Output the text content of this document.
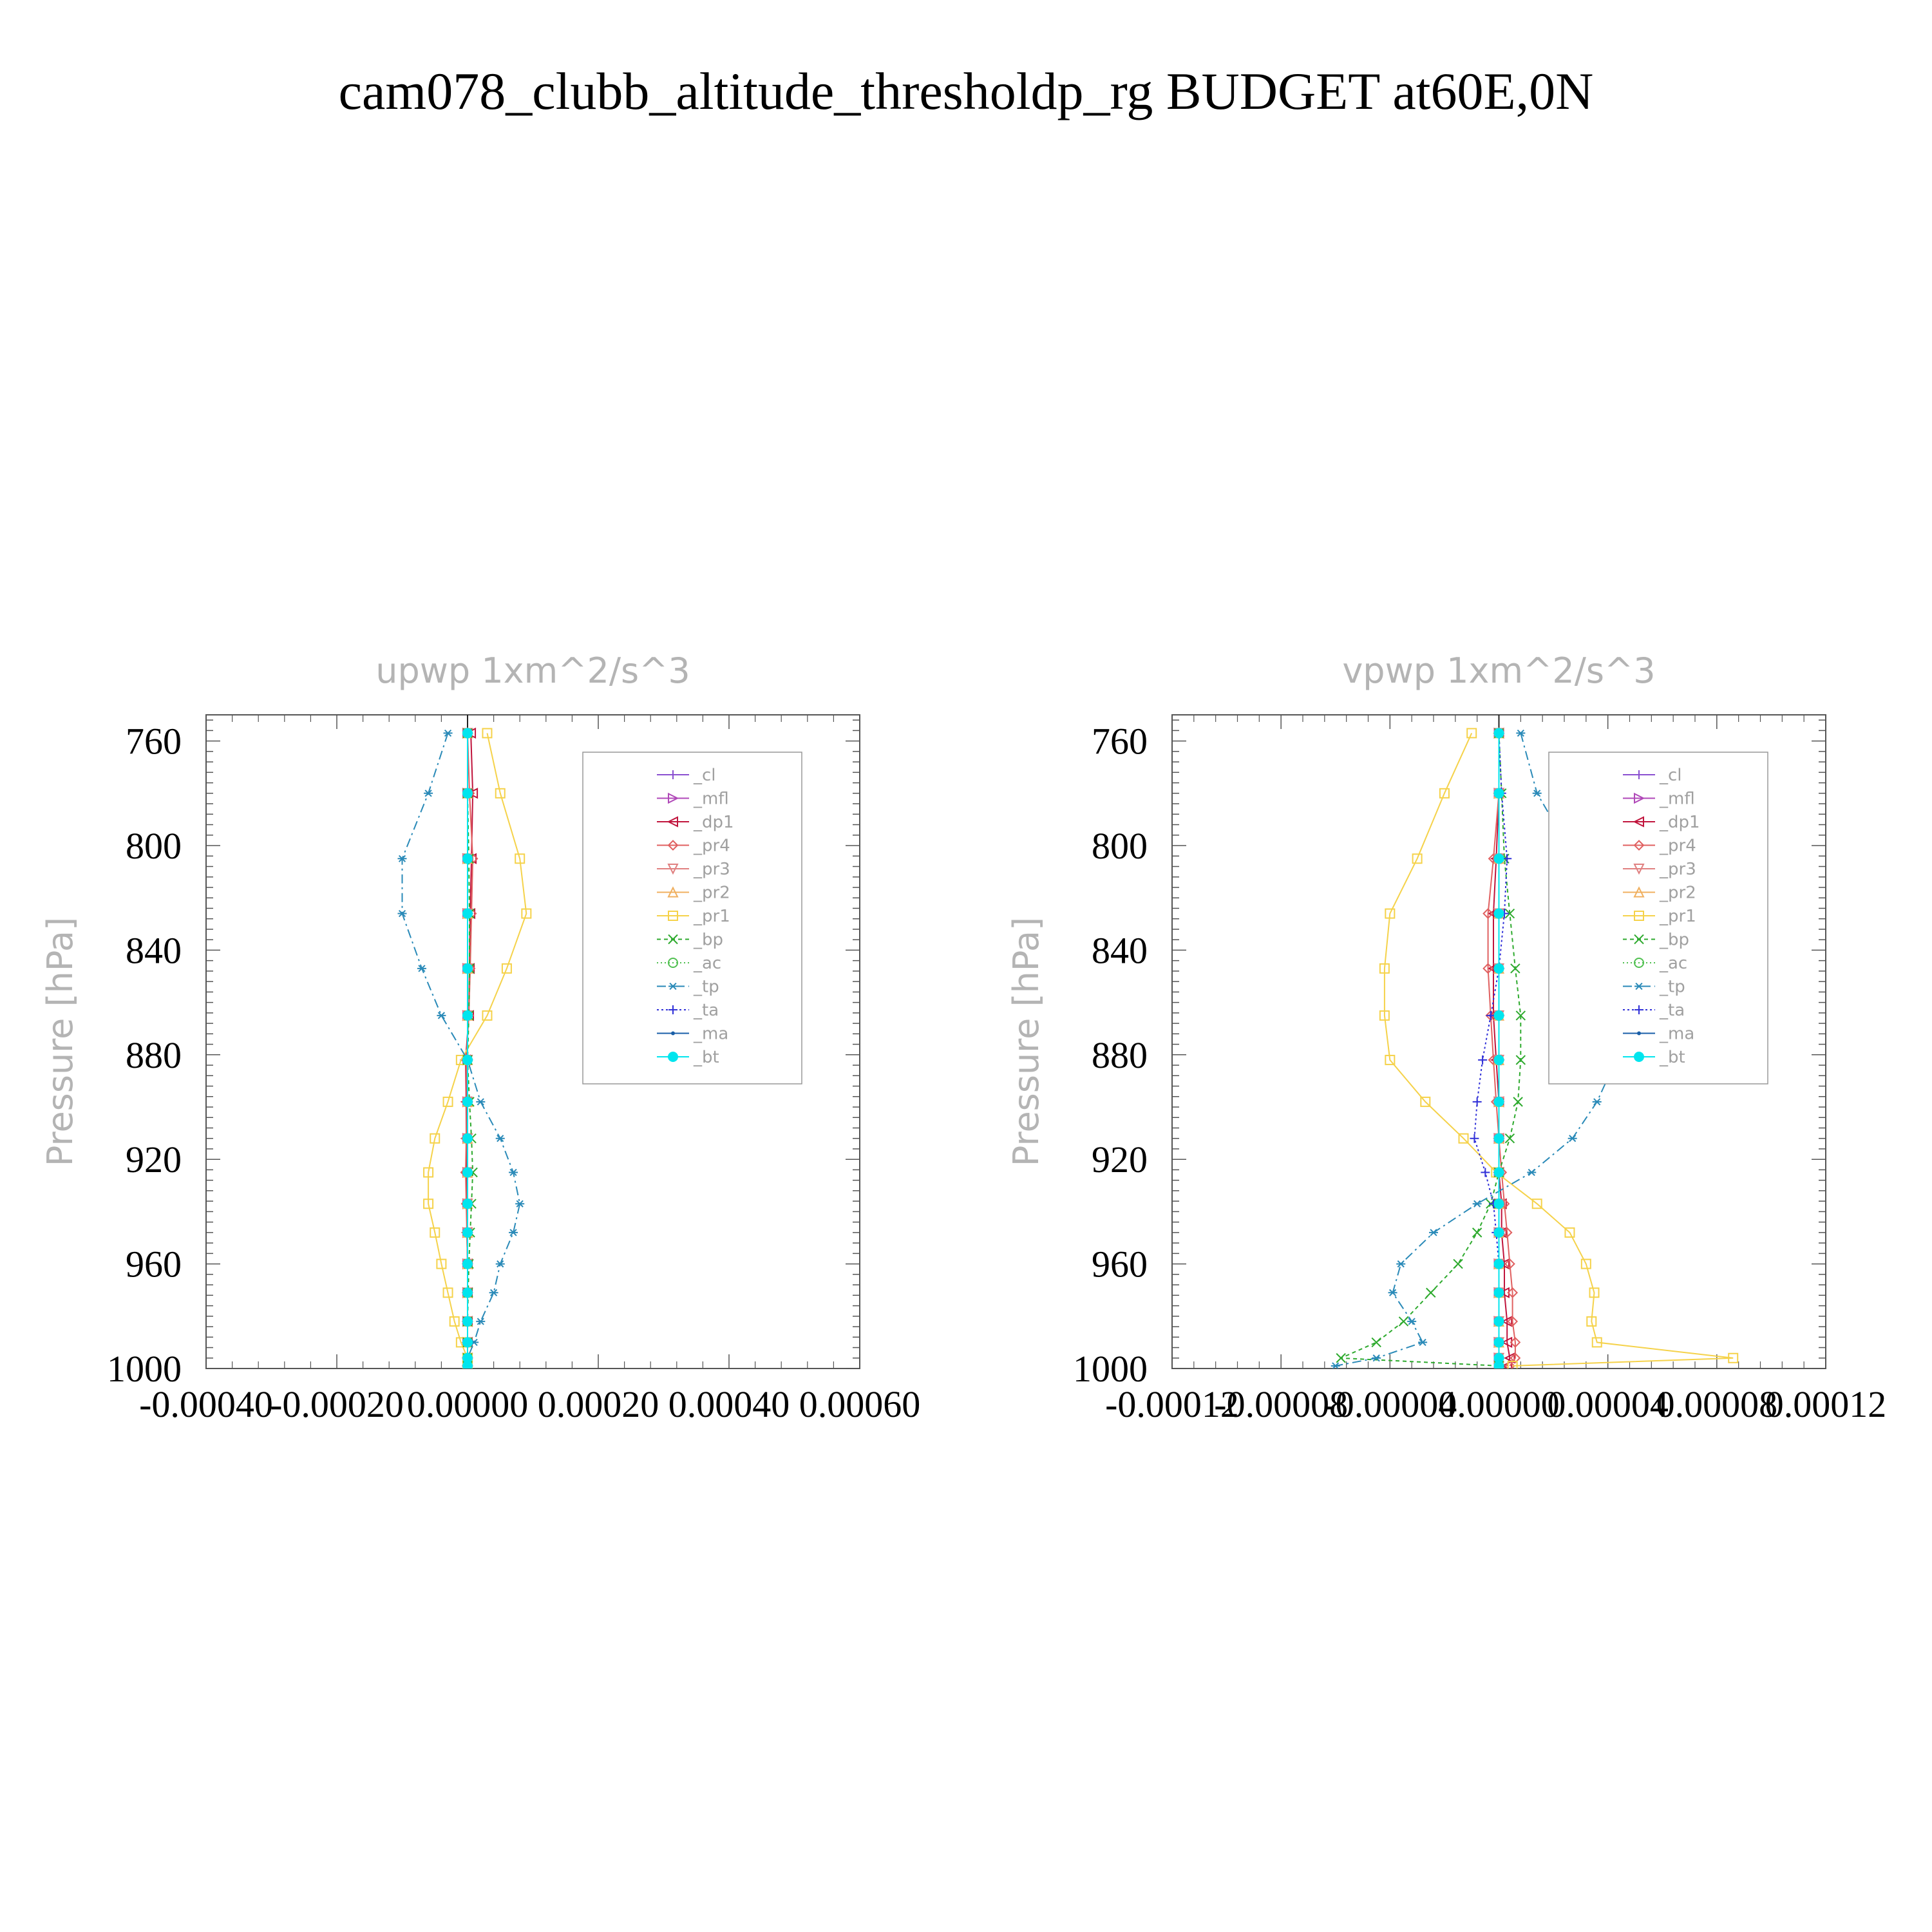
cam078_clubb_altitude_thresholdp_rg BUDGET at60E,0N
upwp 1xm^2/s^3
Pressure [hPa]
760
800
840
880
920
960
1000
-0.00040
-0.00020 0.00000 0.00020 0.00040 0.00060
_cl
_mfl
_dp1
_pr4
_pr3
_pr2
_pr1
_bp
_ac
_tp
_ta
_ma
_bt
vpwp 1xm^2/s^3
Pressure [hPa]
760
800
840
880
920
960
1000
-0.00012
-0.00008
-0.00004
0.00000
0.00004
0.00008
0.00012
_cl
_mfl
_dp1
_pr4
_pr3
_pr2
_pr1
_bp
_ac
_tp
_ta
_ma
_bt
